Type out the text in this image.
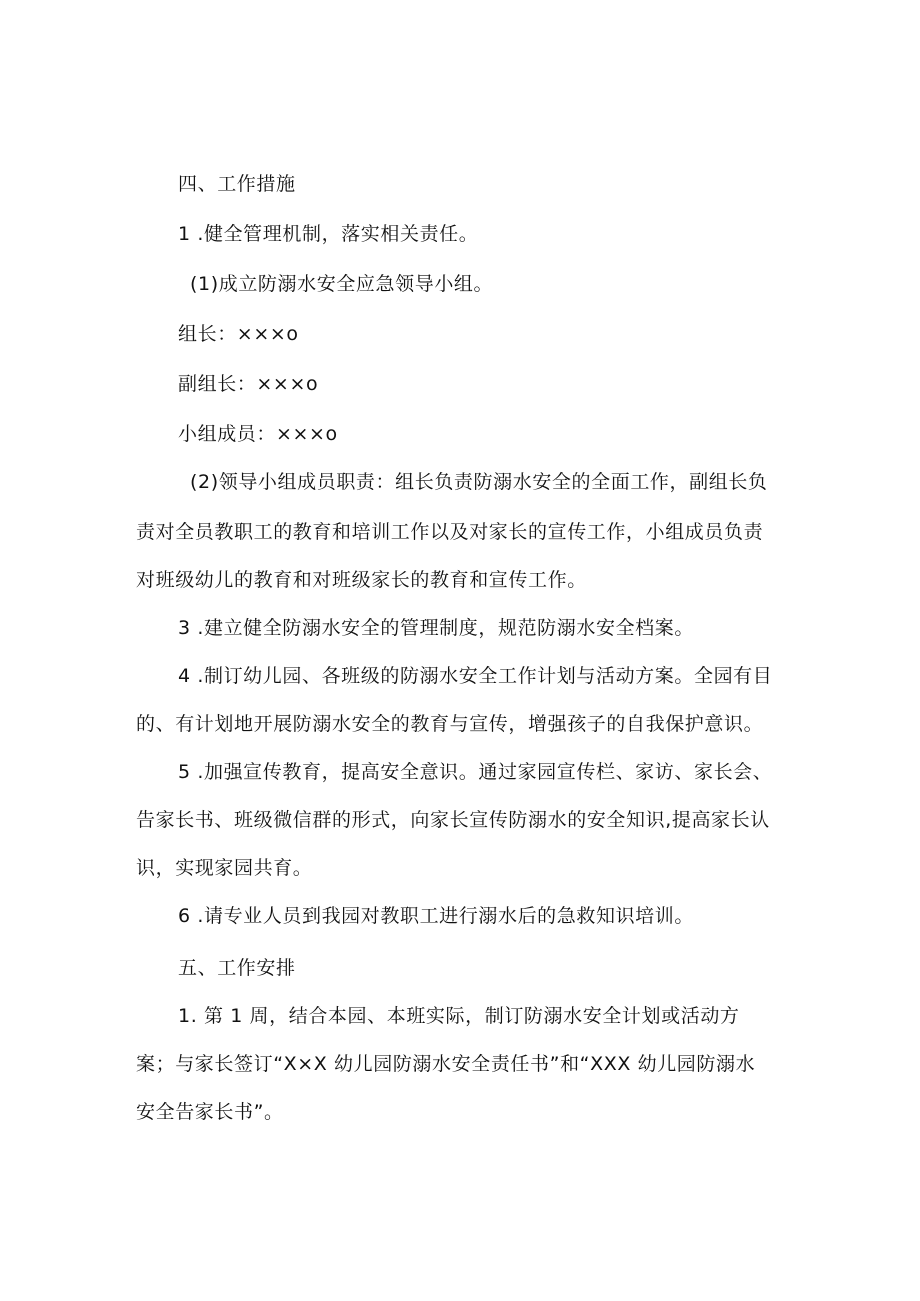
四、工作措施
1 .健全管理机制，落实相关责任。
(1)成立防溺水安全应急领导小组。
组长：×××o
副组长：×××o
小组成员：×××o
(2)领导小组成员职责：组长负责防溺水安全的全面工作，副组长负
责对全员教职工的教育和培训工作以及对家长的宣传工作，小组成员负责
对班级幼儿的教育和对班级家长的教育和宣传工作。
3 .建立健全防溺水安全的管理制度，规范防溺水安全档案。
4 .制订幼儿园、各班级的防溺水安全工作计划与活动方案。全园有目
的、有计划地开展防溺水安全的教育与宣传，增强孩子的自我保护意识。
5 .加强宣传教育，提高安全意识。通过家园宣传栏、家访、家长会、
告家长书、班级微信群的形式，向家长宣传防溺水的安全知识,提高家长认
识，实现家园共育。
6 .请专业人员到我园对教职工进行溺水后的急救知识培训。
五、工作安排
1. 第 1 周，结合本园、本班实际，制订防溺水安全计划或活动方
案；与家长签订“X×X 幼儿园防溺水安全责任书”和“XXX 幼儿园防溺水
安全告家长书”。
